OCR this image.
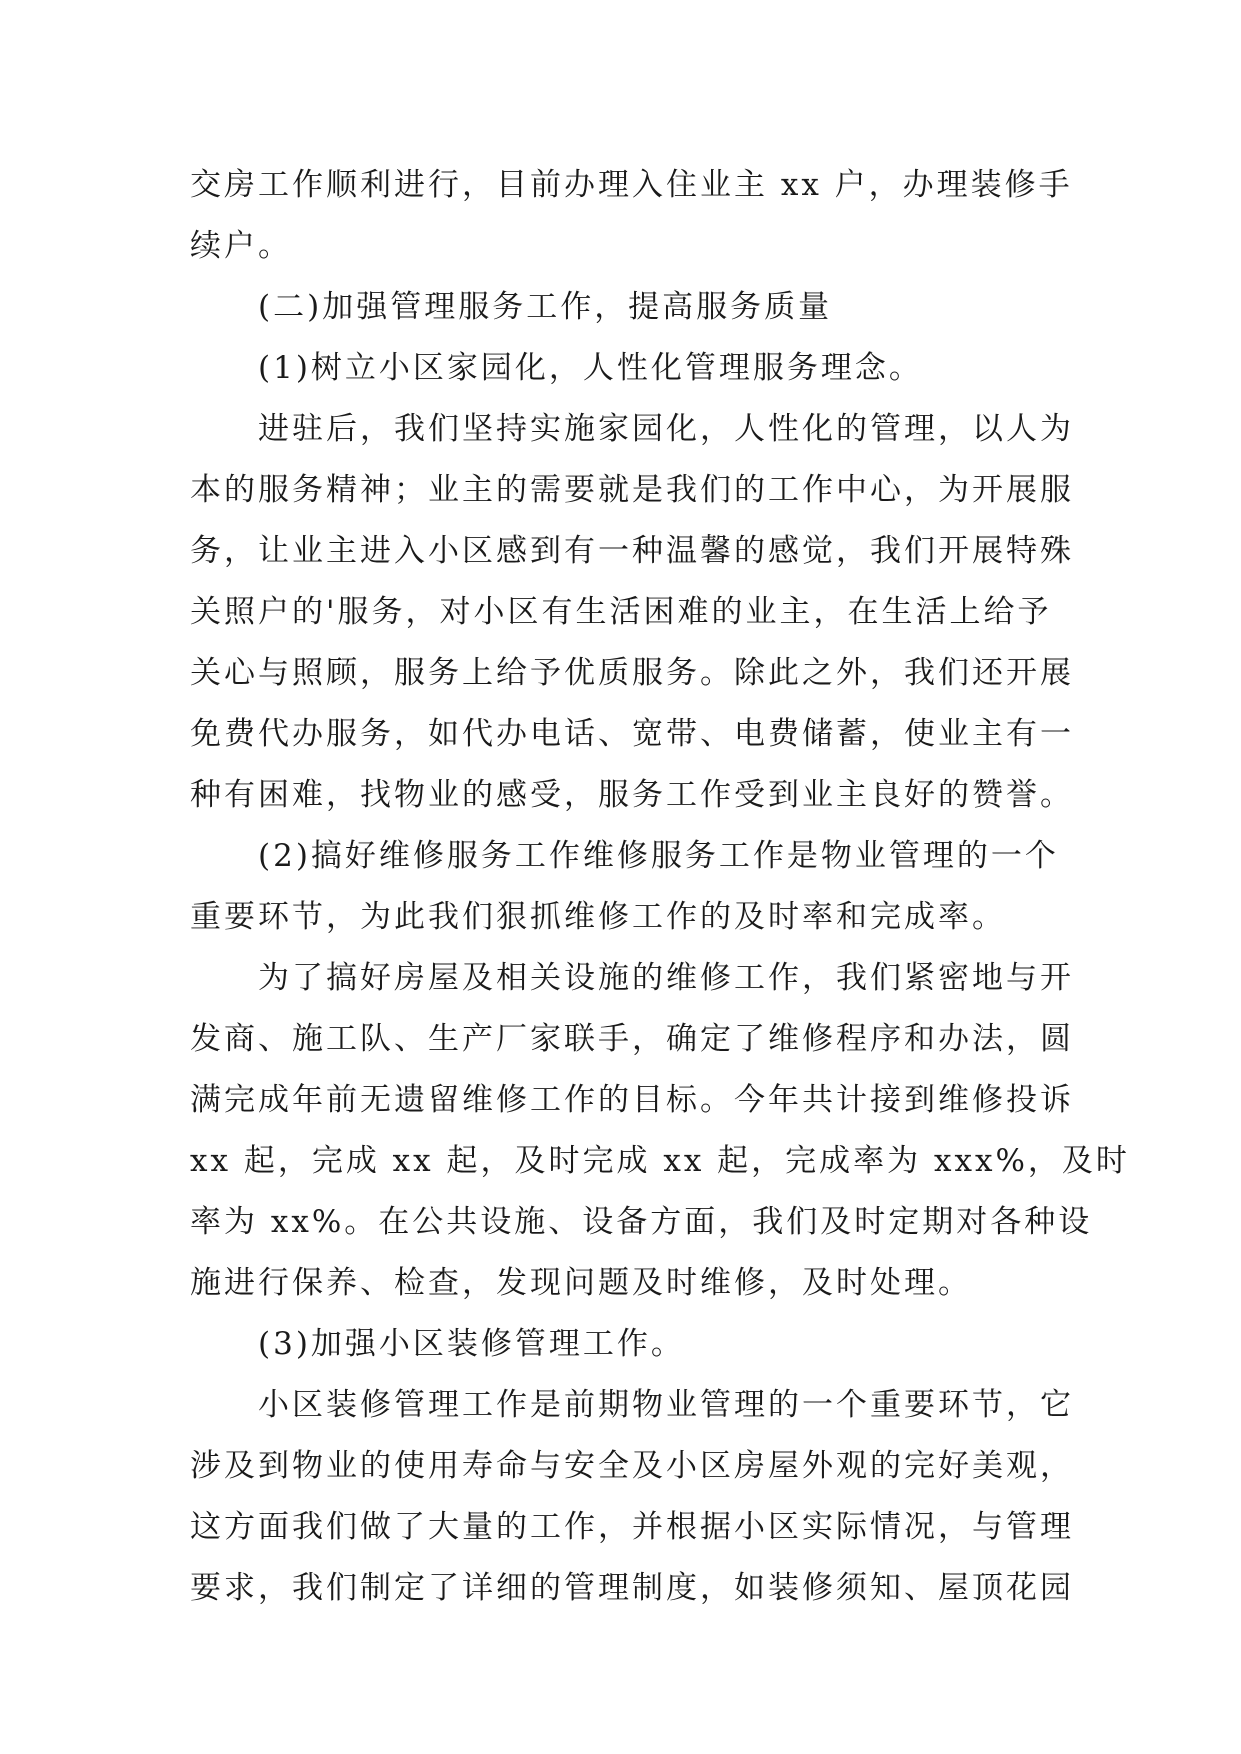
交房工作顺利进行，目前办理入住业主 xx 户，办理装修手
续户。
(二)加强管理服务工作，提高服务质量
(1)树立小区家园化，人性化管理服务理念。
进驻后，我们坚持实施家园化，人性化的管理，以人为
本的服务精神；业主的需要就是我们的工作中心，为开展服
务，让业主进入小区感到有一种温馨的感觉，我们开展特殊
关照户的'服务，对小区有生活困难的业主，在生活上给予
关心与照顾，服务上给予优质服务。除此之外，我们还开展
免费代办服务，如代办电话、宽带、电费储蓄，使业主有一
种有困难，找物业的感受，服务工作受到业主良好的赞誉。
(2)搞好维修服务工作维修服务工作是物业管理的一个
重要环节，为此我们狠抓维修工作的及时率和完成率。
为了搞好房屋及相关设施的维修工作，我们紧密地与开
发商、施工队、生产厂家联手，确定了维修程序和办法，圆
满完成年前无遗留维修工作的目标。今年共计接到维修投诉
xx 起，完成 xx 起，及时完成 xx 起，完成率为 xxx%，及时
率为 xx%。在公共设施、设备方面，我们及时定期对各种设
施进行保养、检查，发现问题及时维修，及时处理。
(3)加强小区装修管理工作。
小区装修管理工作是前期物业管理的一个重要环节，它
涉及到物业的使用寿命与安全及小区房屋外观的完好美观，
这方面我们做了大量的工作，并根据小区实际情况，与管理
要求，我们制定了详细的管理制度，如装修须知、屋顶花园
